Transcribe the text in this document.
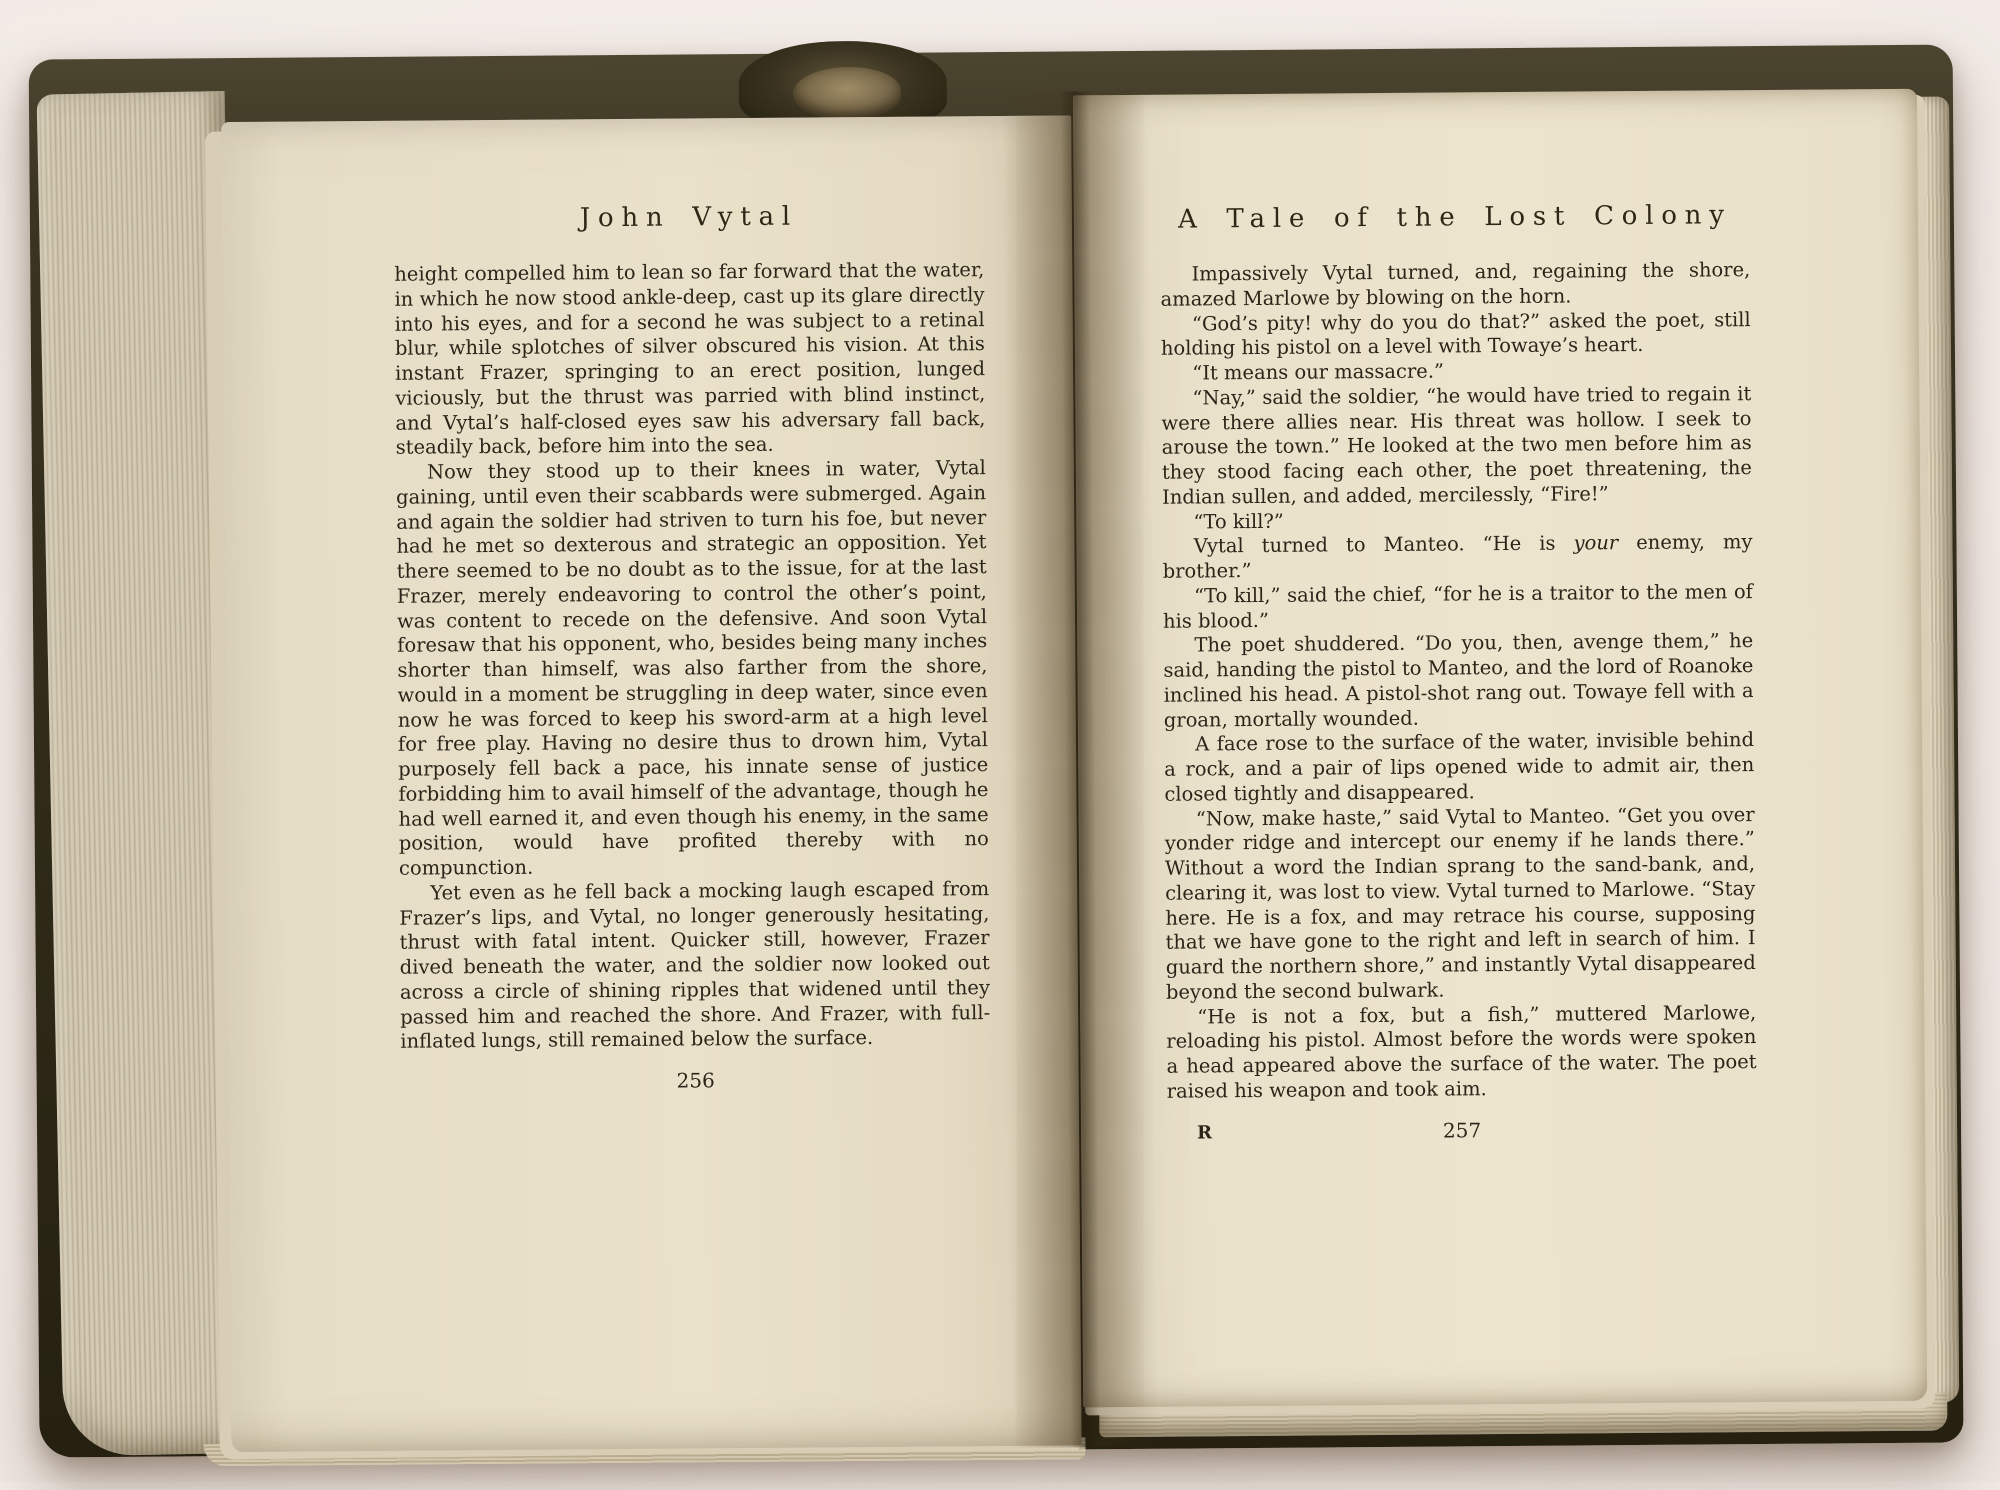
John Vytal

height compelled him to lean so far forward that the water, in which he now stood ankle-deep, cast up its glare directly into his eyes, and for a second he was subject to a retinal blur, while splotches of silver obscured his vision. At this instant Frazer, springing to an erect position, lunged viciously, but the thrust was parried with blind instinct, and Vytal’s half-closed eyes saw his adversary fall back, steadily back, before him into the sea.

Now they stood up to their knees in water, Vytal gaining, until even their scabbards were submerged. Again and again the soldier had striven to turn his foe, but never had he met so dexterous and strategic an opposition. Yet there seemed to be no doubt as to the issue, for at the last Frazer, merely endeavoring to control the other’s point, was content to recede on the defensive. And soon Vytal foresaw that his opponent, who, besides being many inches shorter than himself, was also farther from the shore, would in a moment be struggling in deep water, since even now he was forced to keep his sword-arm at a high level for free play. Having no desire thus to drown him, Vytal purposely fell back a pace, his innate sense of justice forbidding him to avail himself of the advantage, though he had well earned it, and even though his enemy, in the same position, would have profited thereby with no compunction.

Yet even as he fell back a mocking laugh escaped from Frazer’s lips, and Vytal, no longer generously hesitating, thrust with fatal intent. Quicker still, however, Frazer dived beneath the water, and the soldier now looked out across a circle of shining ripples that widened until they passed him and reached the shore. And Frazer, with full-inflated lungs, still remained below the surface.

256
A Tale of the Lost Colony

Impassively Vytal turned, and, regaining the shore, amazed Marlowe by blowing on the horn.

“God’s pity! why do you do that?” asked the poet, still holding his pistol on a level with Towaye’s heart.

“It means our massacre.”

“Nay,” said the soldier, “he would have tried to regain it were there allies near. His threat was hollow. I seek to arouse the town.” He looked at the two men before him as they stood facing each other, the poet threatening, the Indian sullen, and added, mercilessly, “Fire!”

“To kill?”

Vytal turned to Manteo. “He is your enemy, my brother.”

“To kill,” said the chief, “for he is a traitor to the men of his blood.”

The poet shuddered. “Do you, then, avenge them,” he said, handing the pistol to Manteo, and the lord of Roanoke inclined his head. A pistol-shot rang out. Towaye fell with a groan, mortally wounded.

A face rose to the surface of the water, invisible behind a rock, and a pair of lips opened wide to admit air, then closed tightly and disappeared.

“Now, make haste,” said Vytal to Manteo. “Get you over yonder ridge and intercept our enemy if he lands there.” Without a word the Indian sprang to the sand-bank, and, clearing it, was lost to view. Vytal turned to Marlowe. “Stay here. He is a fox, and may retrace his course, supposing that we have gone to the right and left in search of him. I guard the northern shore,” and instantly Vytal disappeared beyond the second bulwark.

“He is not a fox, but a fish,” muttered Marlowe, reloading his pistol. Almost before the words were spoken a head appeared above the surface of the water. The poet raised his weapon and took aim.

R	257
